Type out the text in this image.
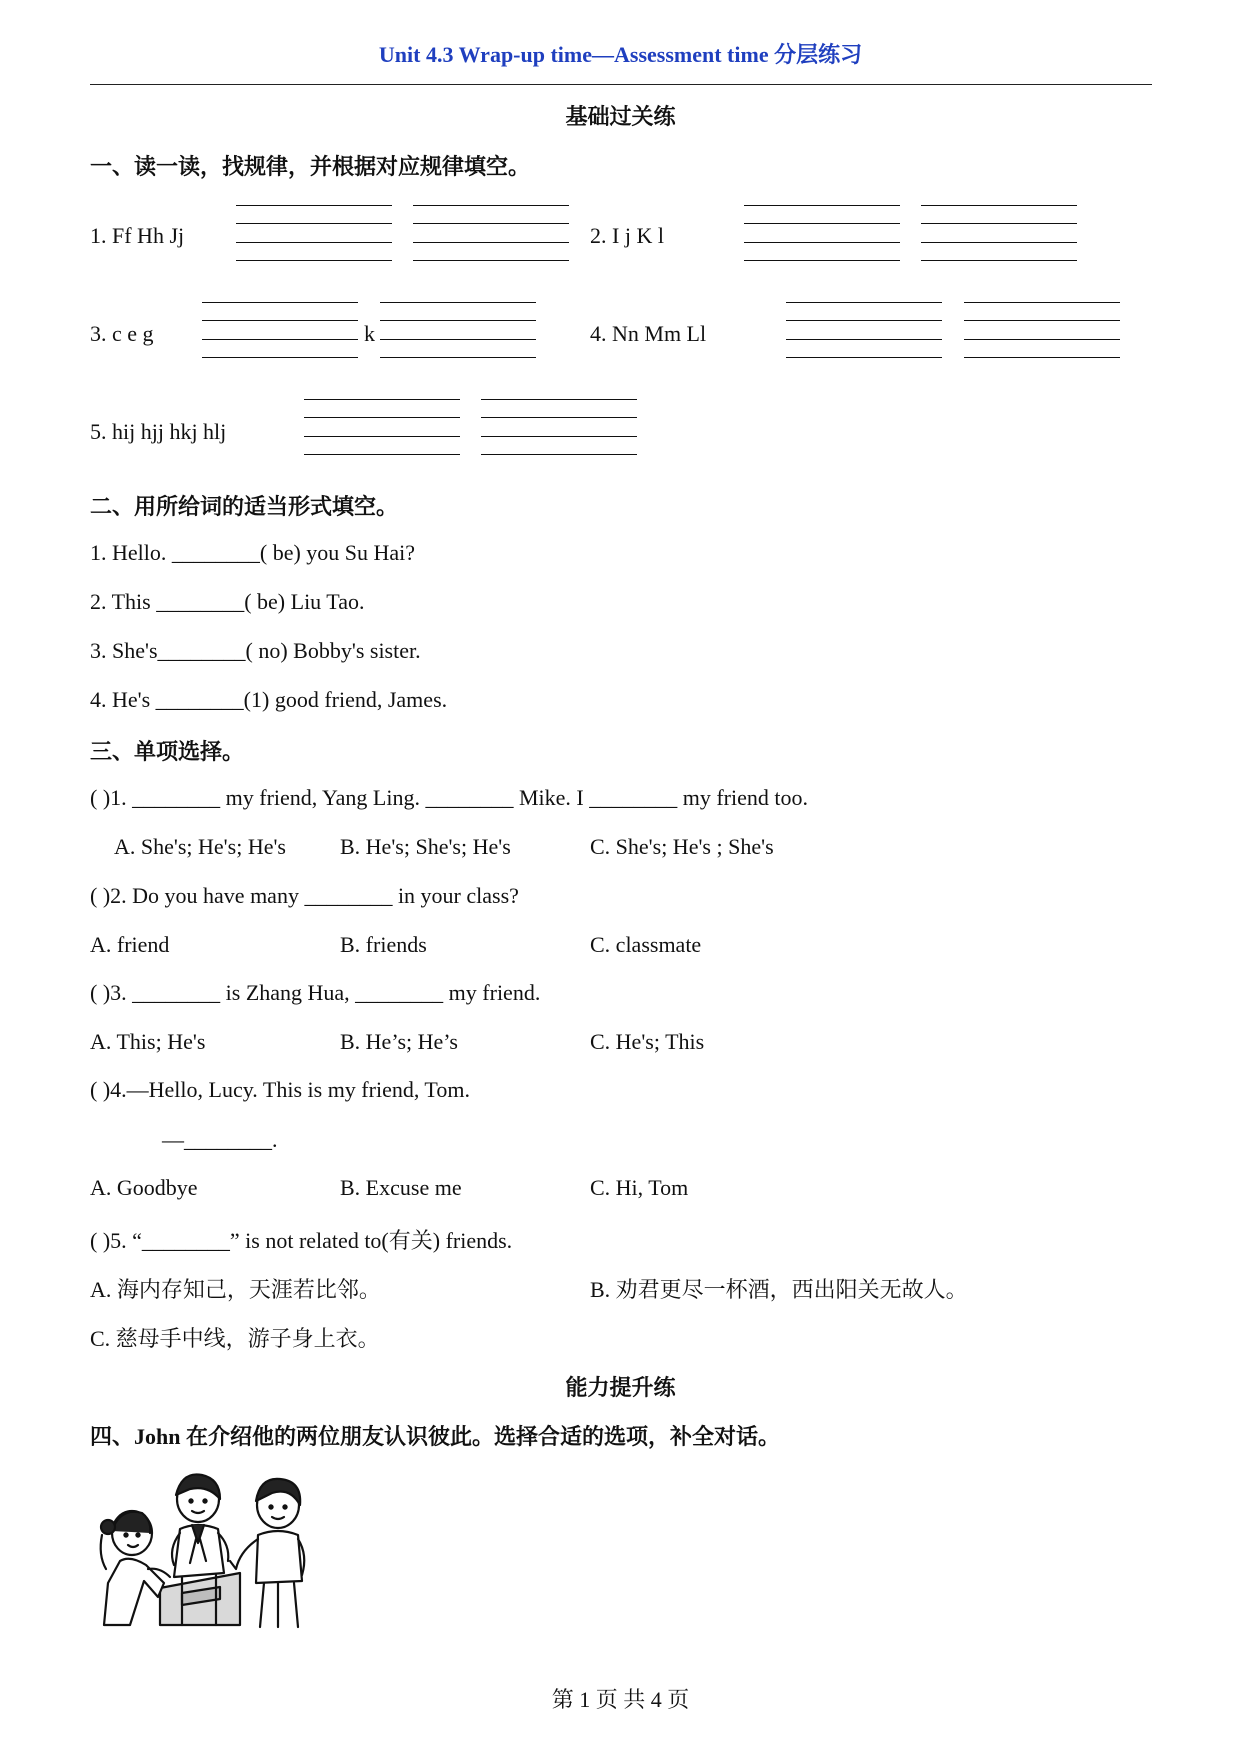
Unit 4.3 Wrap-up time—Assessment time 分层练习
基础过关练
一、读一读，找规律，并根据对应规律填空。
1. Ff Hh Jj	2. I j K l
3. c e g	k	4. Nn Mm Ll
5. hij hjj hkj hlj
二、用所给词的适当形式填空。
1. Hello. ________( be) you Su Hai?
2. This ________( be) Liu Tao.
3. She's________( no) Bobby's sister.
4. He's ________(1) good friend, James.
三、单项选择。
( )1. ________ my friend, Yang Ling. ________ Mike. I ________ my friend too.
A. She's; He's; He's B. He's; She's; He's	C. She's; He's ; She's
( )2. Do you have many ________ in your class?
A. friend	B. friends	C. classmate
( )3. ________ is Zhang Hua, ________ my friend.
A. This; He's	B. He’s; He’s	C. He's; This
( )4.—Hello, Lucy. This is my friend, Tom.
—________.
A. Goodbye	B. Excuse me	C. Hi, Tom
( )5. “________” is not related to(有关) friends.
A. 海内存知己，天涯若比邻。	B. 劝君更尽一杯酒，西出阳关无故人。
C. 慈母手中线，游子身上衣。
能力提升练
四、John 在介绍他的两位朋友认识彼此。选择合适的选项，补全对话。
第 1 页 共 4 页
